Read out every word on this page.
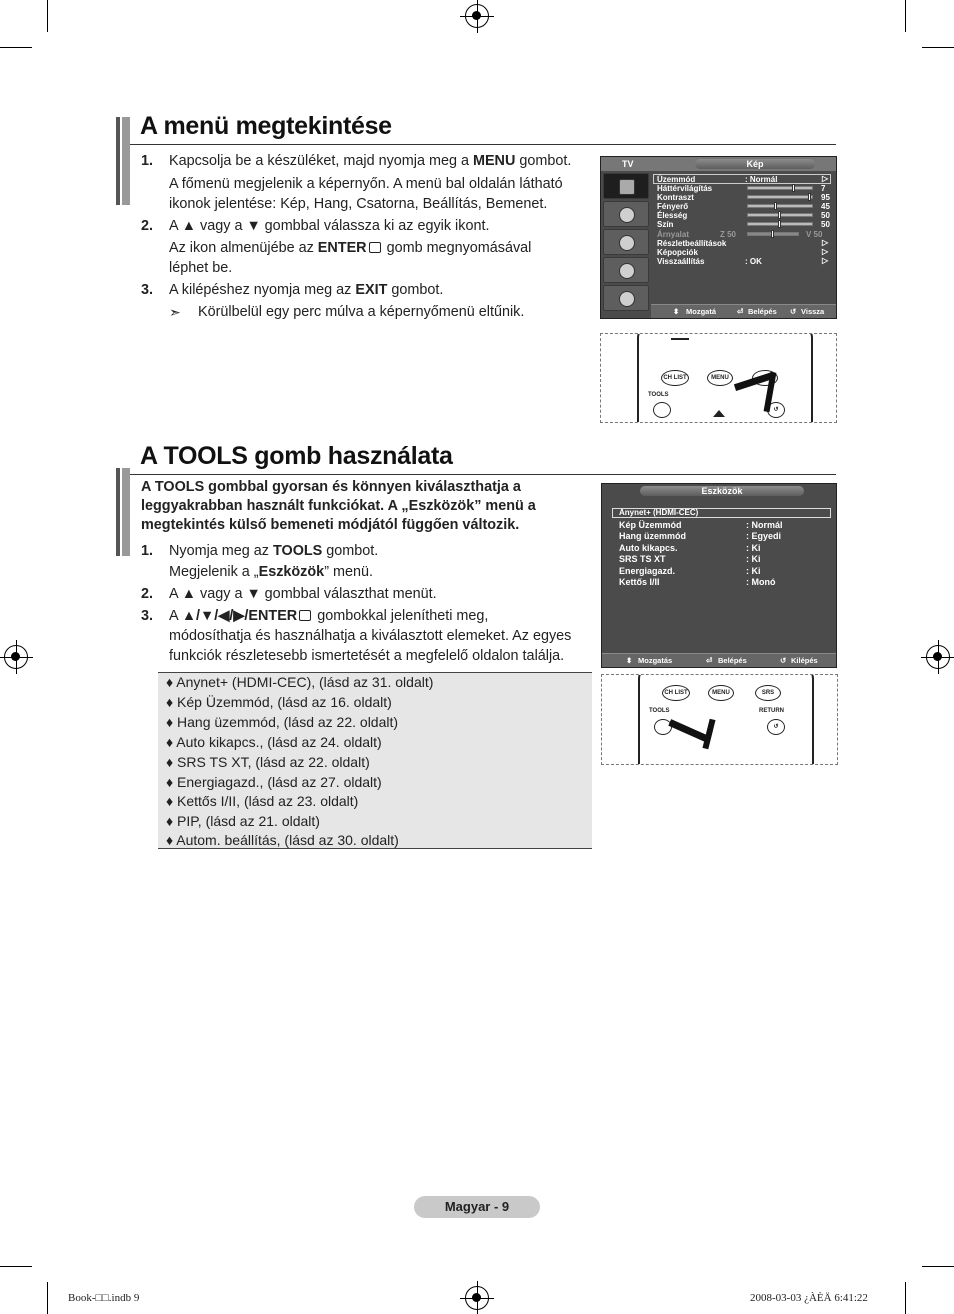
A menü megtekintése
1. Kapcsolja be a készüléket, majd nyomja meg a MENU gombot.
A főmenü megjelenik a képernyőn. A menü bal oldalán látható
ikonok jelentése: Kép, Hang, Csatorna, Beállítás, Bemenet.
2. A ▲ vagy a ▼ gombbal válassza ki az egyik ikont.
Az ikon almenüjébe az ENTER gomb megnyomásával
léphet be.
3. A kilépéshez nyomja meg az EXIT gombot.
➣ Körülbelül egy perc múlva a képernyőmenü eltűnik.
TV	Kép
Üzemmód	: Normál	▷
Háttérvilágítás	7
Kontraszt	95
Fényerő	45
Élesség	50
Szín	50
Árnyalat	Z 50	V 50
Részletbeállítások	▷
Képopciók	▷
Visszaállítás	: OK	▷
⬍ Mozgatá	⏎ Belépés ↺ Vissza
CH LIST	MENU
TOOLS
↺
A TOOLS gomb használata
A TOOLS gombbal gyorsan és könnyen kiválaszthatja a
leggyakrabban használt funkciókat. A „Eszközök” menü a
megtekintés külső bemeneti módjától függően változik.
1. Nyomja meg az TOOLS gombot.
Megjelenik a „Eszközök” menü.
2. A ▲ vagy a ▼ gombbal választhat menüt.
3. A ▲/▼/◀/▶/ENTER gombokkal jelenítheti meg,
módosíthatja és használhatja a kiválasztott elemeket. Az egyes
funkciók részletesebb ismertetését a megfelelő oldalon találja.
♦ Anynet+ (HDMI-CEC), (lásd az 31. oldalt)
♦ Kép Üzemmód, (lásd az 16. oldalt)
♦ Hang üzemmód, (lásd az 22. oldalt)
♦ Auto kikapcs., (lásd az 24. oldalt)
♦ SRS TS XT, (lásd az 22. oldalt)
♦ Energiagazd., (lásd az 27. oldalt)
♦ Kettős I/II, (lásd az 23. oldalt)
♦ PIP, (lásd az 21. oldalt)
♦ Autom. beállítás, (lásd az 30. oldalt)
Eszközök
Anynet+ (HDMI-CEC)
Kép Üzemmód	: Normál
Hang üzemmód	: Egyedi
Auto kikapcs.	: Ki
SRS TS XT	: Ki
Energiagazd.	: Ki
Kettős I/II	: Monó
⬍ Mozgatás	⏎ Belépés	↺ Kilépés
CH LIST	MENU	SRS
TOOLS	RETURN
↺
Magyar - 9
Book-□□.indb 9	2008-03-03 ¿ÀÈÄ 6:41:22
